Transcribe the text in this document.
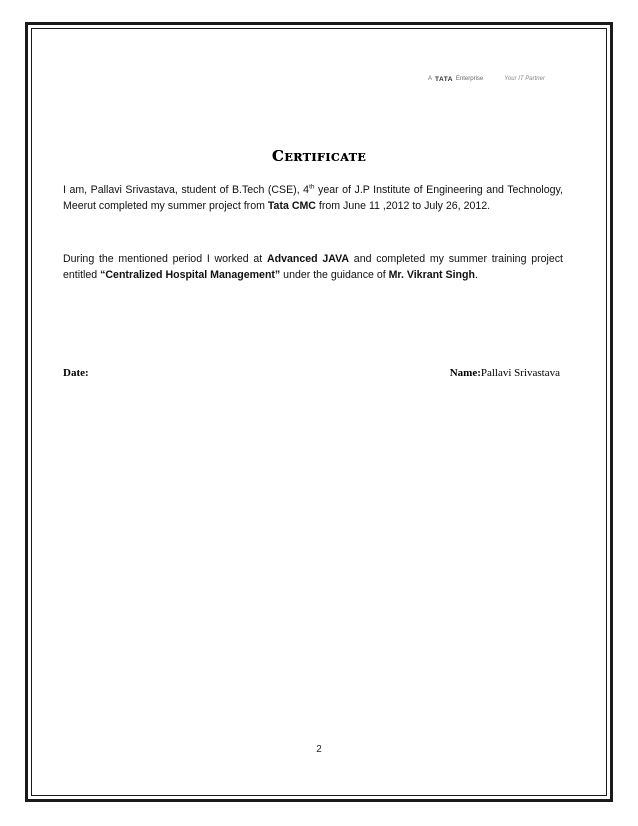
A TATA Enterprise	Your IT Partner
Certificate
I am, Pallavi Srivastava, student of B.Tech (CSE), 4th year of J.P Institute of Engineering and Technology, Meerut completed my summer project from Tata CMC from June 11 ,2012 to July 26, 2012.
During the mentioned period I worked at Advanced JAVA and completed my summer training project entitled “Centralized Hospital Management” under the guidance of Mr. Vikrant Singh.
Date:	Name:Pallavi Srivastava
2
